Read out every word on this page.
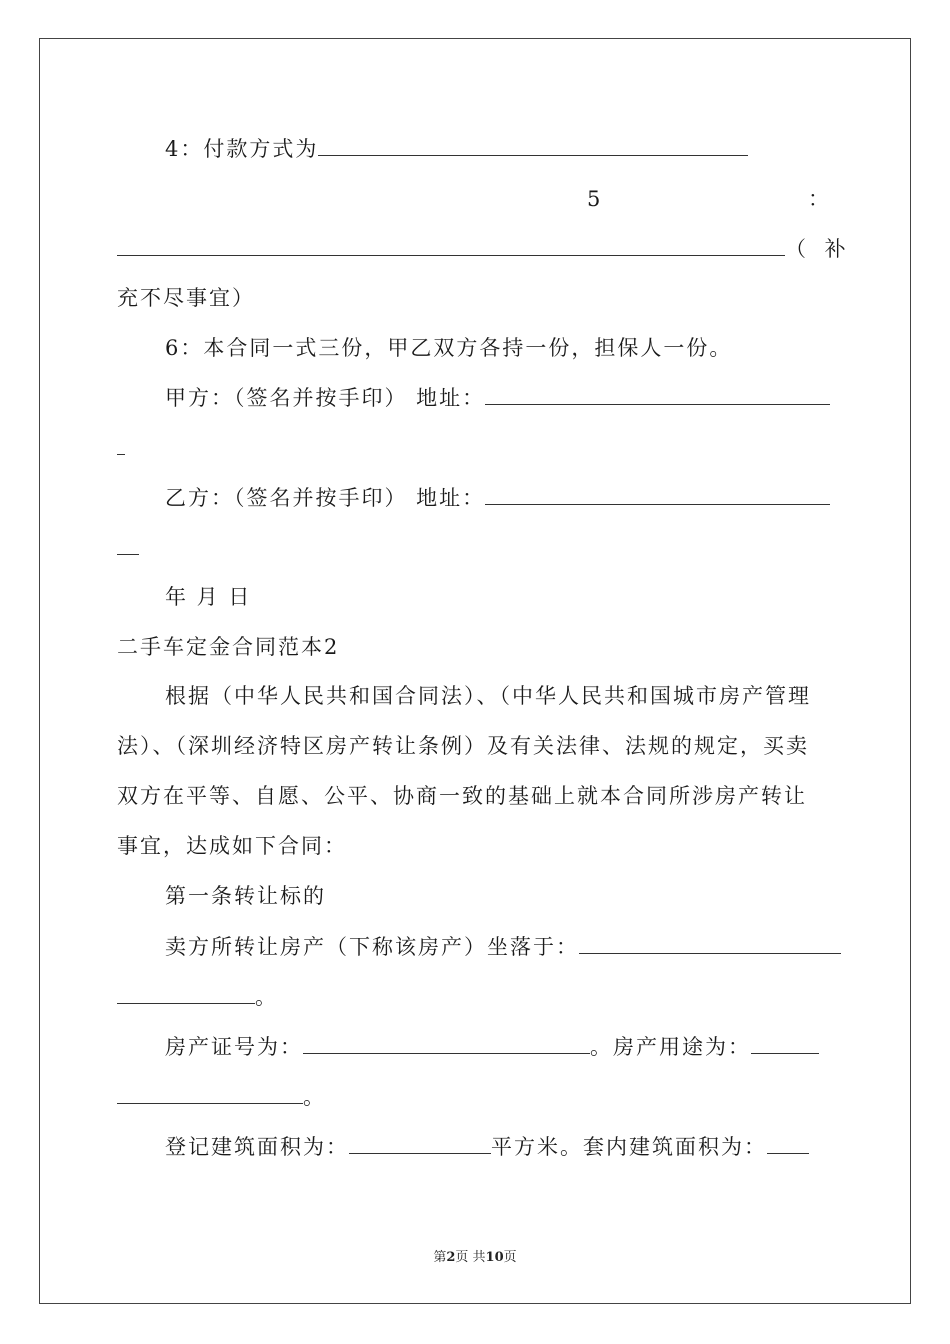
4：付款方式为
5	：
（ 补
充不尽事宜）
6：本合同一式三份，甲乙双方各持一份，担保人一份。
甲方：（签名并按手印） 地址：
乙方：（签名并按手印） 地址：
年 月 日
二手车定金合同范本2
根据（中华人民共和国合同法）、（中华人民共和国城市房产管理
法）、（深圳经济特区房产转让条例）及有关法律、法规的规定，买卖
双方在平等、自愿、公平、协商一致的基础上就本合同所涉房产转让
事宜，达成如下合同：
第一条转让标的
卖方所转让房产（下称该房产）坐落于：
。
房产证号为：	。房产用途为：
。
登记建筑面积为：	平方米。套内建筑面积为：
第2页 共10页
